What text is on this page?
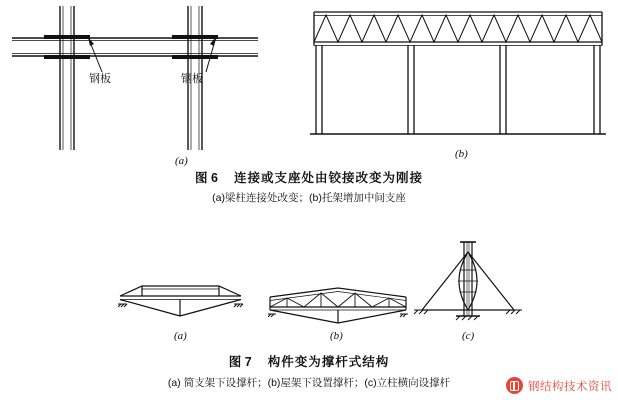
钢板	钢板
(a)
(b)
图 6 连接或支座处由铰接改变为刚接
(a)梁柱连接处改变；(b)托架增加中间支座
(a)	(b)	(c)
图 7 构件变为撑杆式结构
(a) 简支架下设撑杆；(b)屋架下设置撑杆；(c)立柱横向设撑杆	钢结构技术资讯
